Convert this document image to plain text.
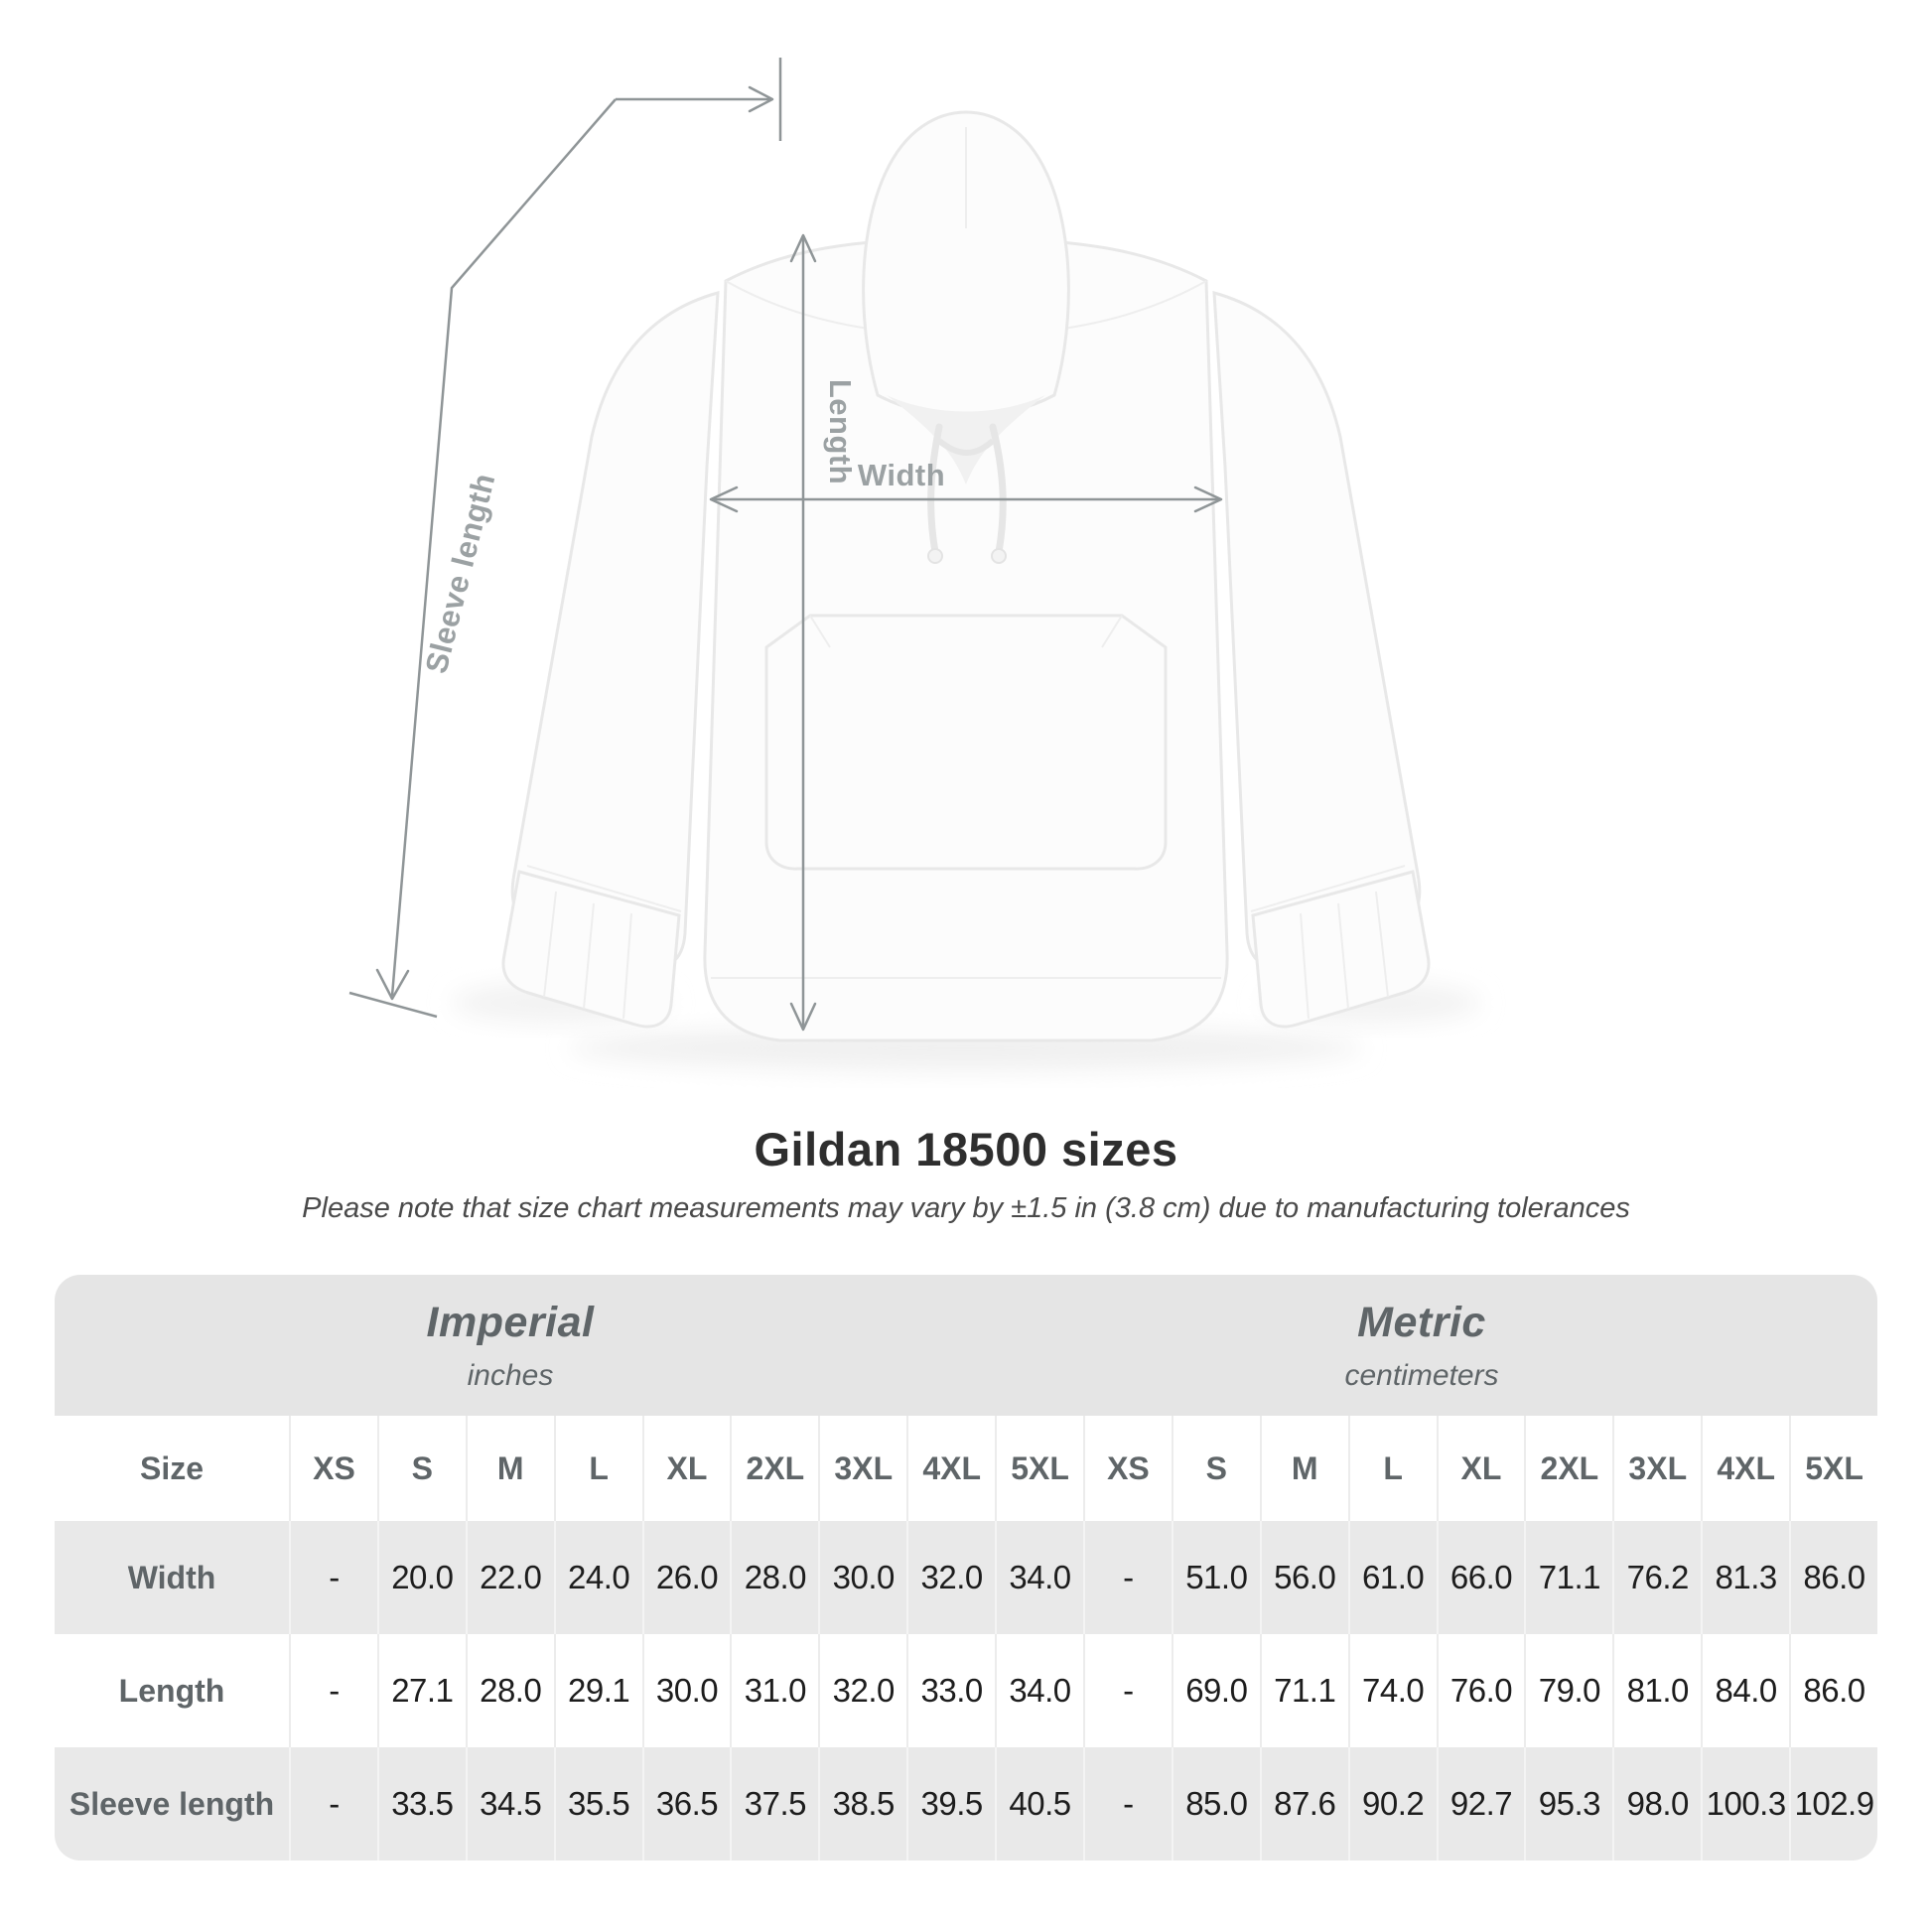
Sleeve length
Length Width
Gildan 18500 sizes

Please note that size chart measurements may vary by ±1.5 in (3.8 cm) due to manufacturing tolerances

Imperial
inches
Metric
centimeters
Size	XS	S	M	L	XL	2XL 3XL 4XL 5XL	XS	S	M	L	XL	2XL 3XL 4XL 5XL
Width	-	20.0 22.0 24.0 26.0 28.0 30.0 32.0 34.0	-	51.0 56.0 61.0 66.0 71.1 76.2 81.3 86.0
Length	-	27.1 28.0 29.1 30.0 31.0 32.0 33.0 34.0	-	69.0 71.1 74.0 76.0 79.0 81.0 84.0 86.0
Sleeve length	-	33.5 34.5 35.5 36.5 37.5 38.5 39.5 40.5	-	85.0 87.6 90.2 92.7 95.3 98.0 100.3 102.9
